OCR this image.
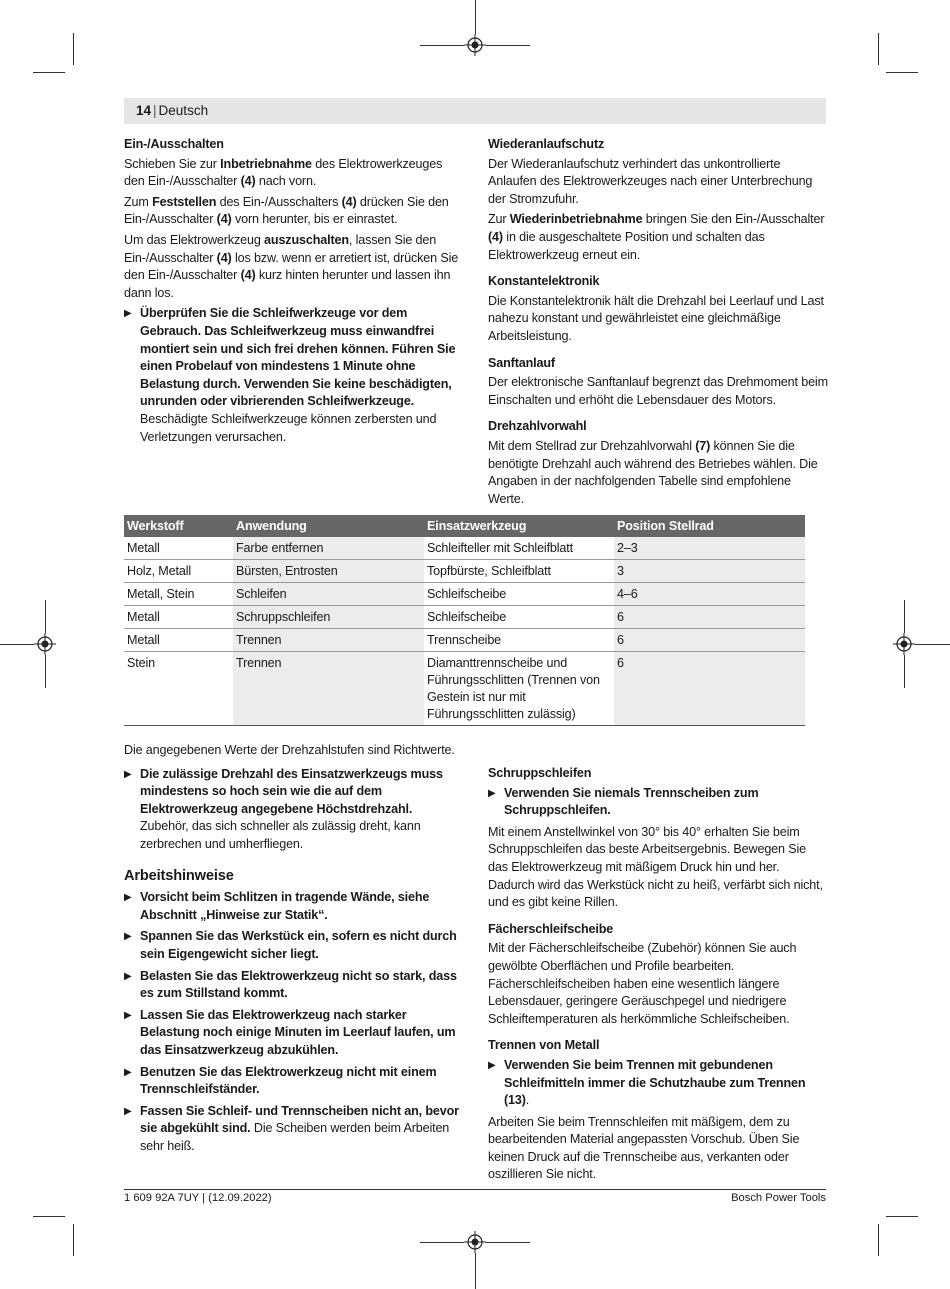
14 | Deutsch
Ein-/Ausschalten

Schieben Sie zur Inbetriebnahme des Elektrowerkzeuges den Ein-/Ausschalter (4) nach vorn.

Zum Feststellen des Ein-/Ausschalters (4) drücken Sie den Ein-/Ausschalter (4) vorn herunter, bis er einrastet.

Um das Elektrowerkzeug auszuschalten, lassen Sie den Ein-/Ausschalter (4) los bzw. wenn er arretiert ist, drücken Sie den Ein-/Ausschalter (4) kurz hinten herunter und lassen ihn dann los.

▶ Überprüfen Sie die Schleifwerkzeuge vor dem Gebrauch. Das Schleifwerkzeug muss einwandfrei montiert sein und sich frei drehen können. Führen Sie einen Probelauf von mindestens 1 Minute ohne Belastung durch. Verwenden Sie keine beschädigten, unrunden oder vibrierenden Schleifwerkzeuge. Beschädigte Schleifwerkzeuge können zerbersten und Verletzungen verursachen.
Wiederanlaufschutz

Der Wiederanlaufschutz verhindert das unkontrollierte Anlaufen des Elektrowerkzeuges nach einer Unterbrechung der Stromzufuhr.

Zur Wiederinbetriebnahme bringen Sie den Ein-/Ausschalter (4) in die ausgeschaltete Position und schalten das Elektrowerkzeug erneut ein.

Konstantelektronik

Die Konstantelektronik hält die Drehzahl bei Leerlauf und Last nahezu konstant und gewährleistet eine gleichmäßige Arbeitsleistung.

Sanftanlauf

Der elektronische Sanftanlauf begrenzt das Drehmoment beim Einschalten und erhöht die Lebensdauer des Motors.

Drehzahlvorwahl

Mit dem Stellrad zur Drehzahlvorwahl (7) können Sie die benötigte Drehzahl auch während des Betriebes wählen. Die Angaben in der nachfolgenden Tabelle sind empfohlene Werte.

Werkstoff	Anwendung	Einsatzwerkzeug	Position Stellrad
Metall	Farbe entfernen	Schleifteller mit Schleifblatt	2–3
Holz, Metall	Bürsten, Entrosten	Topfbürste, Schleifblatt	3
Metall, Stein	Schleifen	Schleifscheibe	4–6
Metall	Schruppschleifen	Schleifscheibe	6
Metall	Trennen	Trennscheibe	6
Stein	Trennen	Diamanttrennscheibe und Führungsschlitten (Trennen von Gestein ist nur mit Führungsschlitten zulässig)	6

Die angegebenen Werte der Drehzahlstufen sind Richtwerte.

▶ Die zulässige Drehzahl des Einsatzwerkzeugs muss mindestens so hoch sein wie die auf dem Elektrowerkzeug angegebene Höchstdrehzahl. Zubehör, das sich schneller als zulässig dreht, kann zerbrechen und umherfliegen.
Arbeitshinweise
▶ Vorsicht beim Schlitzen in tragende Wände, siehe Abschnitt „Hinweise zur Statik“.
▶ Spannen Sie das Werkstück ein, sofern es nicht durch sein Eigengewicht sicher liegt.
▶ Belasten Sie das Elektrowerkzeug nicht so stark, dass es zum Stillstand kommt.
▶ Lassen Sie das Elektrowerkzeug nach starker Belastung noch einige Minuten im Leerlauf laufen, um das Einsatzwerkzeug abzukühlen.
▶ Benutzen Sie das Elektrowerkzeug nicht mit einem Trennschleifständer.
▶ Fassen Sie Schleif- und Trennscheiben nicht an, bevor sie abgekühlt sind. Die Scheiben werden beim Arbeiten sehr heiß.
Schruppschleifen
▶ Verwenden Sie niemals Trennscheiben zum Schruppschleifen.

Mit einem Anstellwinkel von 30° bis 40° erhalten Sie beim Schruppschleifen das beste Arbeitsergebnis. Bewegen Sie das Elektrowerkzeug mit mäßigem Druck hin und her. Dadurch wird das Werkstück nicht zu heiß, verfärbt sich nicht, und es gibt keine Rillen.

Fächerschleifscheibe

Mit der Fächerschleifscheibe (Zubehör) können Sie auch gewölbte Oberflächen und Profile bearbeiten. Fächerschleifscheiben haben eine wesentlich längere Lebensdauer, geringere Geräuschpegel und niedrigere Schleiftemperaturen als herkömmliche Schleifscheiben.

Trennen von Metall
▶ Verwenden Sie beim Trennen mit gebundenen Schleifmitteln immer die Schutzhaube zum Trennen (13).

Arbeiten Sie beim Trennschleifen mit mäßigem, dem zu bearbeitenden Material angepassten Vorschub. Üben Sie keinen Druck auf die Trennscheibe aus, verkanten oder oszillieren Sie nicht.

1 609 92A 7UY | (12.09.2022)	Bosch Power Tools
